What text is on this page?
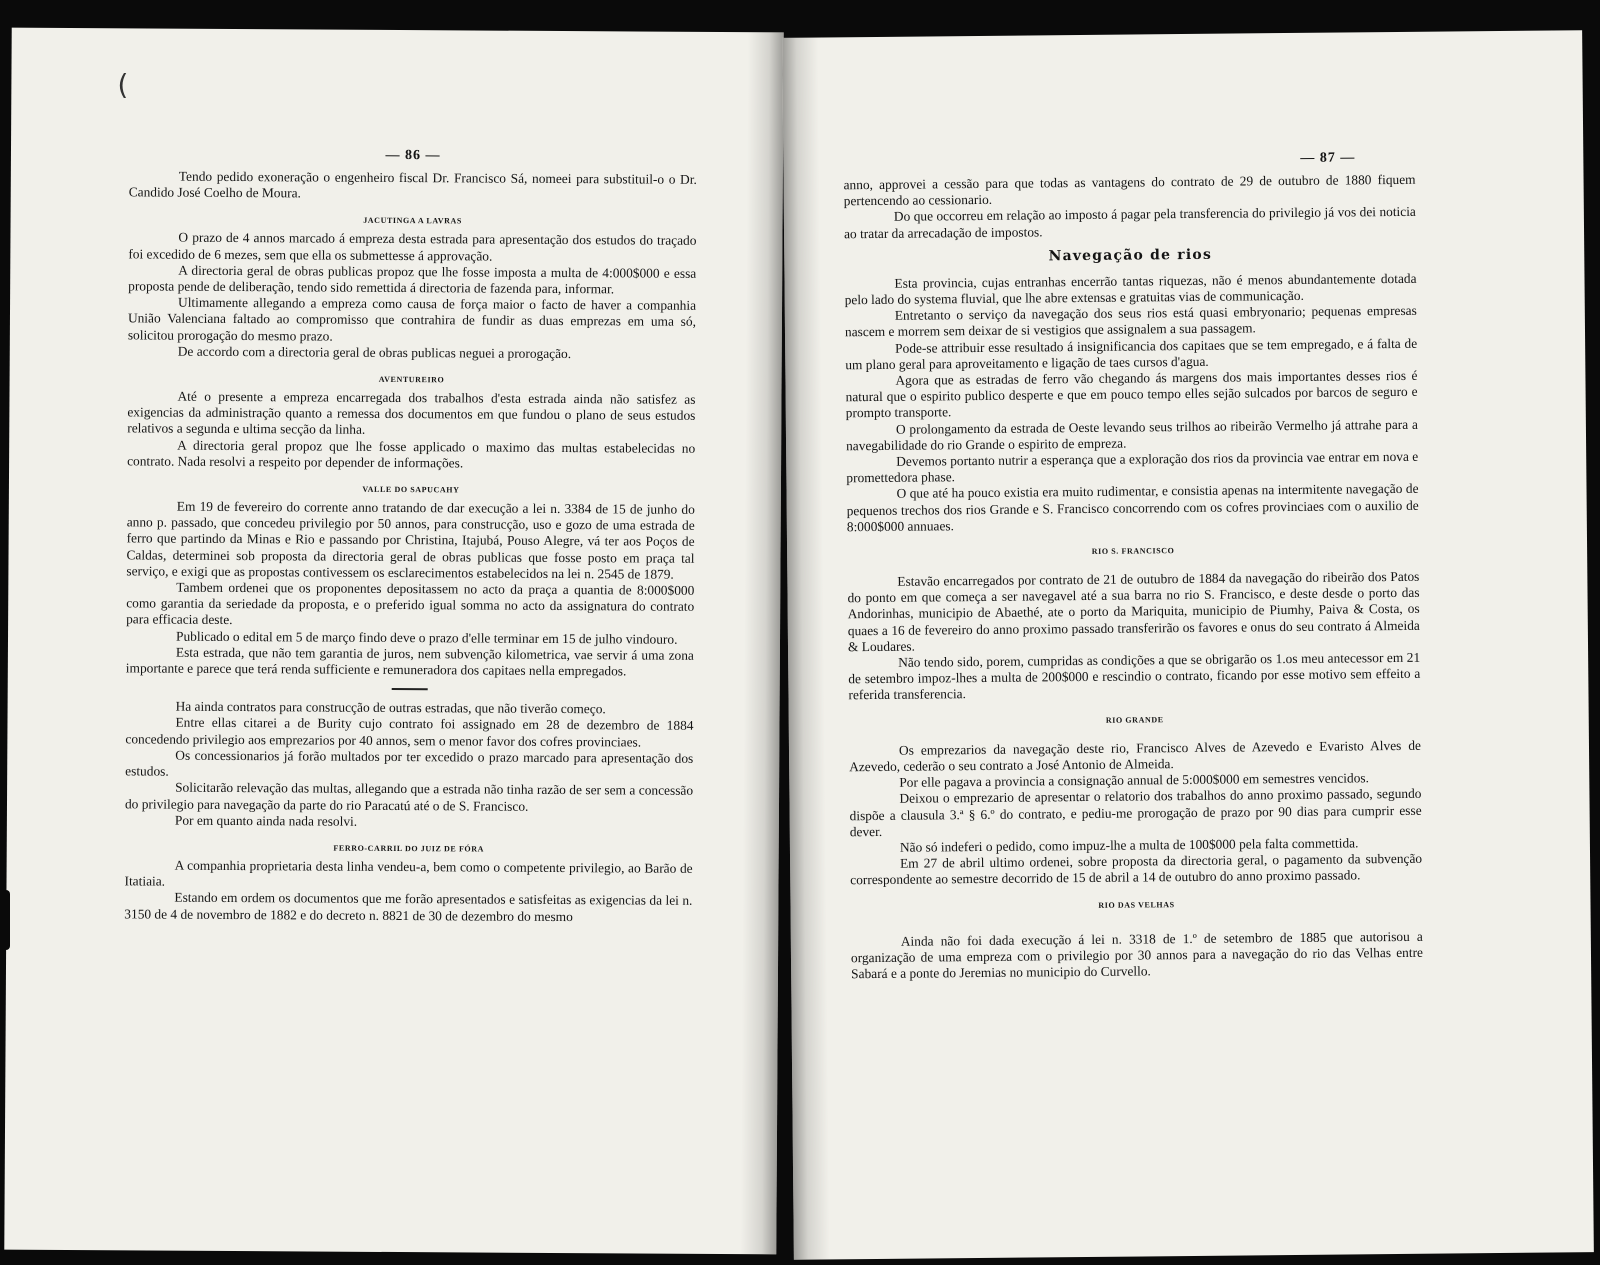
(
— 86 —

Tendo pedido exoneração o engenheiro fiscal Dr. Francisco Sá, nomeei para substituil-o o Dr. Candido José Coelho de Moura.

JACUTINGA A LAVRAS

O prazo de 4 annos marcado á empreza desta estrada para apresentação dos estudos do traçado foi excedido de 6 mezes, sem que ella os submettesse á approvação.

A directoria geral de obras publicas propoz que lhe fosse imposta a multa de 4:000$000 e essa proposta pende de deliberação, tendo sido remettida á directoria de fazenda para, informar.

Ultimamente allegando a empreza como causa de força maior o facto de haver a companhia União Valenciana faltado ao compromisso que contrahira de fundir as duas emprezas em uma só, solicitou prorogação do mesmo prazo.

De accordo com a directoria geral de obras publicas neguei a prorogação.

AVENTUREIRO

Até o presente a empreza encarregada dos trabalhos d'esta estrada ainda não satisfez as exigencias da administração quanto a remessa dos documentos em que fundou o plano de seus estudos relativos a segunda e ultima secção da linha.

A directoria geral propoz que lhe fosse applicado o maximo das multas estabelecidas no contrato. Nada resolvi a respeito por depender de informações.

VALLE DO SAPUCAHY

Em 19 de fevereiro do corrente anno tratando de dar execução a lei n. 3384 de 15 de junho do anno p. passado, que concedeu privilegio por 50 annos, para construcção, uso e gozo de uma estrada de ferro que partindo da Minas e Rio e passando por Christina, Itajubá, Pouso Alegre, vá ter aos Poços de Caldas, determinei sob proposta da directoria geral de obras publicas que fosse posto em praça tal serviço, e exigi que as propostas contivessem os esclarecimentos estabelecidos na lei n. 2545 de 1879.

Tambem ordenei que os proponentes depositassem no acto da praça a quantia de 8:000$000 como garantia da seriedade da proposta, e o preferido igual somma no acto da assignatura do contrato para efficacia deste.

Publicado o edital em 5 de março findo deve o prazo d'elle terminar em 15 de julho vindouro.

Esta estrada, que não tem garantia de juros, nem subvenção kilometrica, vae servir á uma zona importante e parece que terá renda sufficiente e remuneradora dos capitaes nella empregados.

Ha ainda contratos para construcção de outras estradas, que não tiverão começo.

Entre ellas citarei a de Burity cujo contrato foi assignado em 28 de dezembro de 1884 concedendo privilegio aos emprezarios por 40 annos, sem o menor favor dos cofres provinciaes.

Os concessionarios já forão multados por ter excedido o prazo marcado para apresentação dos estudos.

Solicitarão relevação das multas, allegando que a estrada não tinha razão de ser sem a concessão do privilegio para navegação da parte do rio Paracatú até o de S. Francisco.

Por em quanto ainda nada resolvi.

FERRO-CARRIL DO JUIZ DE FÓRA

A companhia proprietaria desta linha vendeu-a, bem como o competente privilegio, ao Barão de Itatiaia.

Estando em ordem os documentos que me forão apresentados e satisfeitas as exigencias da lei n. 3150 de 4 de novembro de 1882 e do decreto n. 8821 de 30 de dezembro do mesmo

— 87 —

anno, approvei a cessão para que todas as vantagens do contrato de 29 de outubro de 1880 fiquem pertencendo ao cessionario.

Do que occorreu em relação ao imposto á pagar pela transferencia do privilegio já vos dei noticia ao tratar da arrecadação de impostos.

Navegação de rios

Esta provincia, cujas entranhas encerrão tantas riquezas, não é menos abundantemente dotada pelo lado do systema fluvial, que lhe abre extensas e gratuitas vias de communicação.

Entretanto o serviço da navegação dos seus rios está quasi embryonario; pequenas empresas nascem e morrem sem deixar de si vestigios que assignalem a sua passagem.

Pode-se attribuir esse resultado á insignificancia dos capitaes que se tem empregado, e á falta de um plano geral para aproveitamento e ligação de taes cursos d'agua.

Agora que as estradas de ferro vão chegando ás margens dos mais importantes desses rios é natural que o espirito publico desperte e que em pouco tempo elles sejão sulcados por barcos de seguro e prompto transporte.

O prolongamento da estrada de Oeste levando seus trilhos ao ribeirão Vermelho já attrahe para a navegabilidade do rio Grande o espirito de empreza.

Devemos portanto nutrir a esperança que a exploração dos rios da provincia vae entrar em nova e promettedora phase.

O que até ha pouco existia era muito rudimentar, e consistia apenas na intermitente navegação de pequenos trechos dos rios Grande e S. Francisco concorrendo com os cofres provinciaes com o auxilio de 8:000$000 annuaes.

RIO S. FRANCISCO

Estavão encarregados por contrato de 21 de outubro de 1884 da navegação do ribeirão dos Patos do ponto em que começa a ser navegavel até a sua barra no rio S. Francisco, e deste desde o porto das Andorinhas, municipio de Abaethé, ate o porto da Mariquita, municipio de Piumhy, Paiva & Costa, os quaes a 16 de fevereiro do anno proximo passado transferirão os favores e onus do seu contrato á Almeida & Loudares.

Não tendo sido, porem, cumpridas as condições a que se obrigarão os 1.os meu antecessor em 21 de setembro impoz-lhes a multa de 200$000 e rescindio o contrato, ficando por esse motivo sem effeito a referida transferencia.

RIO GRANDE

Os emprezarios da navegação deste rio, Francisco Alves de Azevedo e Evaristo Alves de Azevedo, cederão o seu contrato a José Antonio de Almeida.

Por elle pagava a provincia a consignação annual de 5:000$000 em semestres vencidos.

Deixou o emprezario de apresentar o relatorio dos trabalhos do anno proximo passado, segundo dispõe a clausula 3.ª § 6.º do contrato, e pediu-me prorogação de prazo por 90 dias para cumprir esse dever.

Não só indeferi o pedido, como impuz-lhe a multa de 100$000 pela falta commettida.

Em 27 de abril ultimo ordenei, sobre proposta da directoria geral, o pagamento da subvenção correspondente ao semestre decorrido de 15 de abril a 14 de outubro do anno proximo passado.

RIO DAS VELHAS

Ainda não foi dada execução á lei n. 3318 de 1.º de setembro de 1885 que autorisou a organização de uma empreza com o privilegio por 30 annos para a navegação do rio das Velhas entre Sabará e a ponte do Jeremias no municipio do Curvello.
